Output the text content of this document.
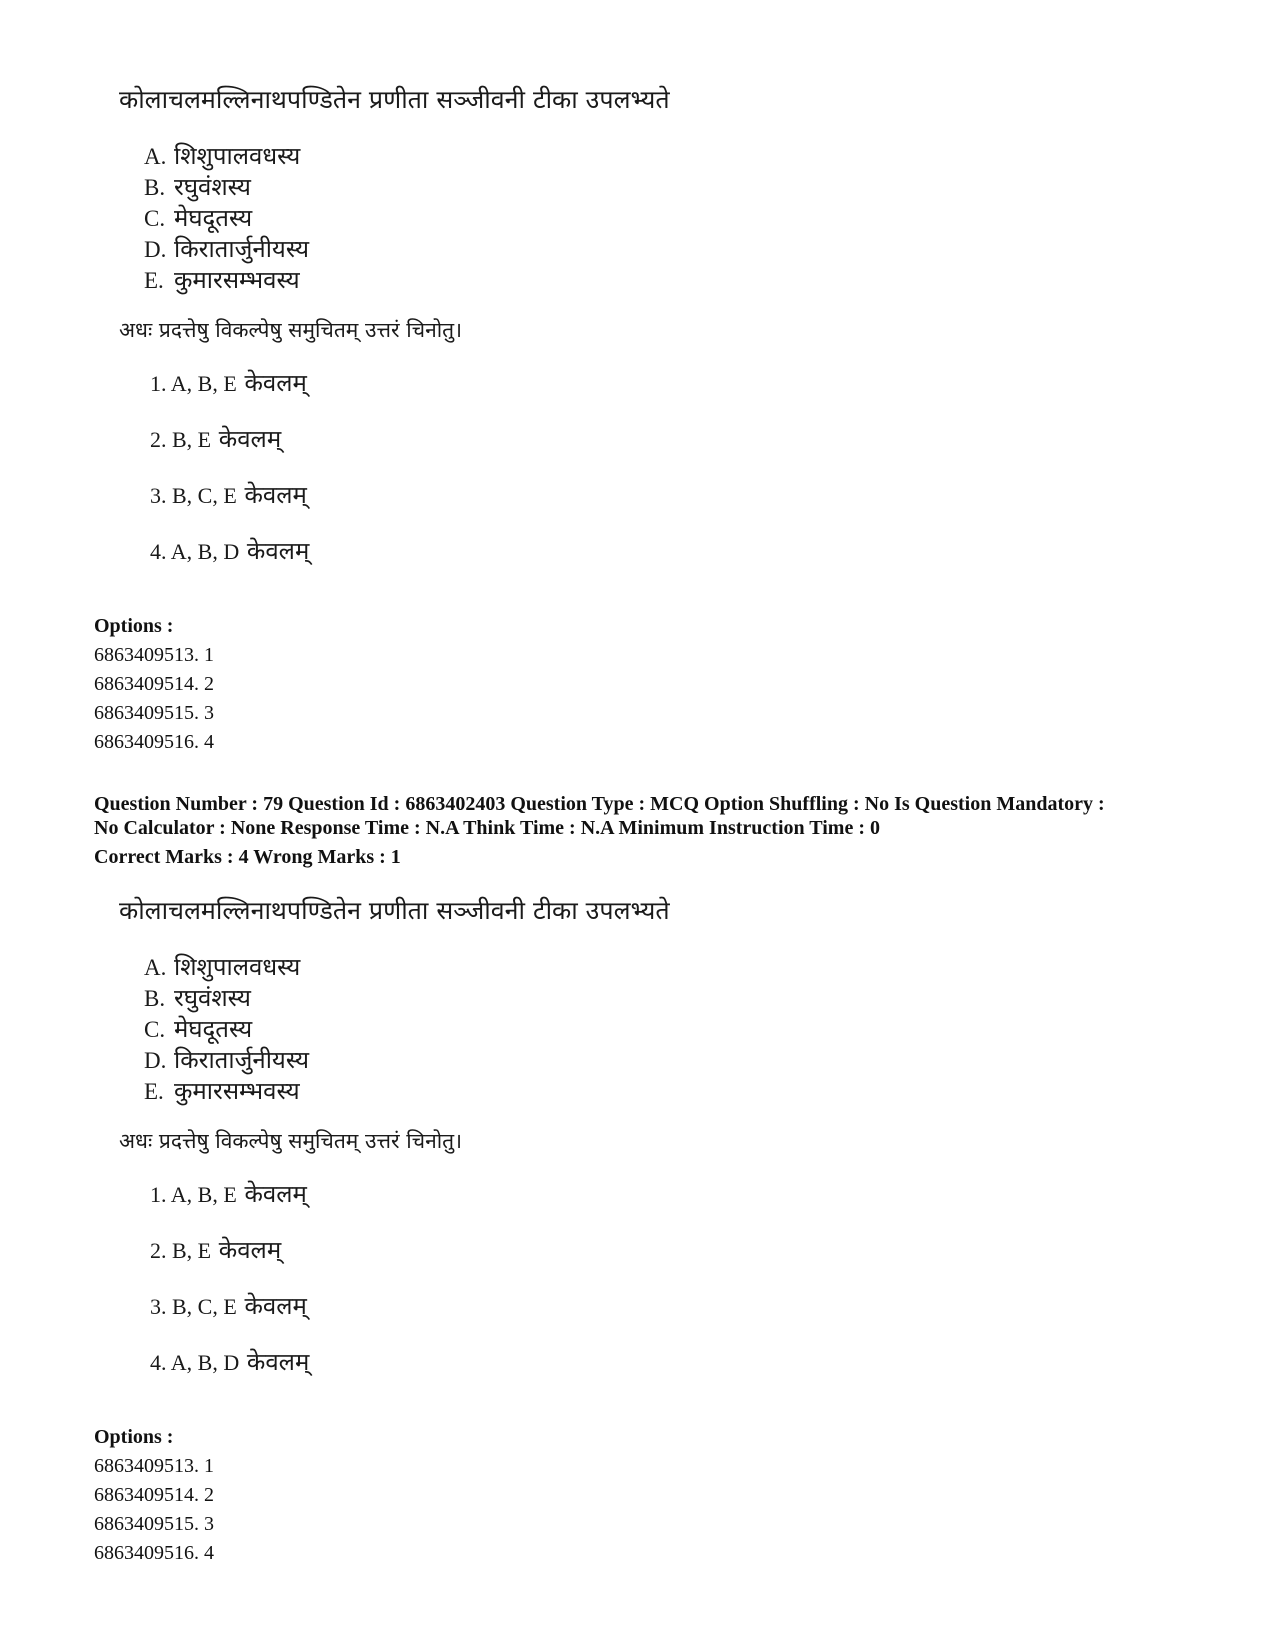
कोलाचलमल्लिनाथपण्डितेन प्रणीता सञ्जीवनी टीका उपलभ्यते
A. शिशुपालवधस्य
B. रघुवंशस्य
C. मेघदूतस्य
D. किरातार्जुनीयस्य
E. कुमारसम्भवस्य
अधः प्रदत्तेषु विकल्पेषु समुचितम् उत्तरं चिनोतु।
1. A, B, E केवलम्
2. B, E केवलम्
3. B, C, E केवलम्
4. A, B, D केवलम्
Options :
6863409513. 1
6863409514. 2
6863409515. 3
6863409516. 4
Question Number : 79 Question Id : 6863402403 Question Type : MCQ Option Shuffling : No Is Question Mandatory :
No Calculator : None Response Time : N.A Think Time : N.A Minimum Instruction Time : 0
Correct Marks : 4 Wrong Marks : 1
कोलाचलमल्लिनाथपण्डितेन प्रणीता सञ्जीवनी टीका उपलभ्यते
A. शिशुपालवधस्य
B. रघुवंशस्य
C. मेघदूतस्य
D. किरातार्जुनीयस्य
E. कुमारसम्भवस्य
अधः प्रदत्तेषु विकल्पेषु समुचितम् उत्तरं चिनोतु।
1. A, B, E केवलम्
2. B, E केवलम्
3. B, C, E केवलम्
4. A, B, D केवलम्
Options :
6863409513. 1
6863409514. 2
6863409515. 3
6863409516. 4
